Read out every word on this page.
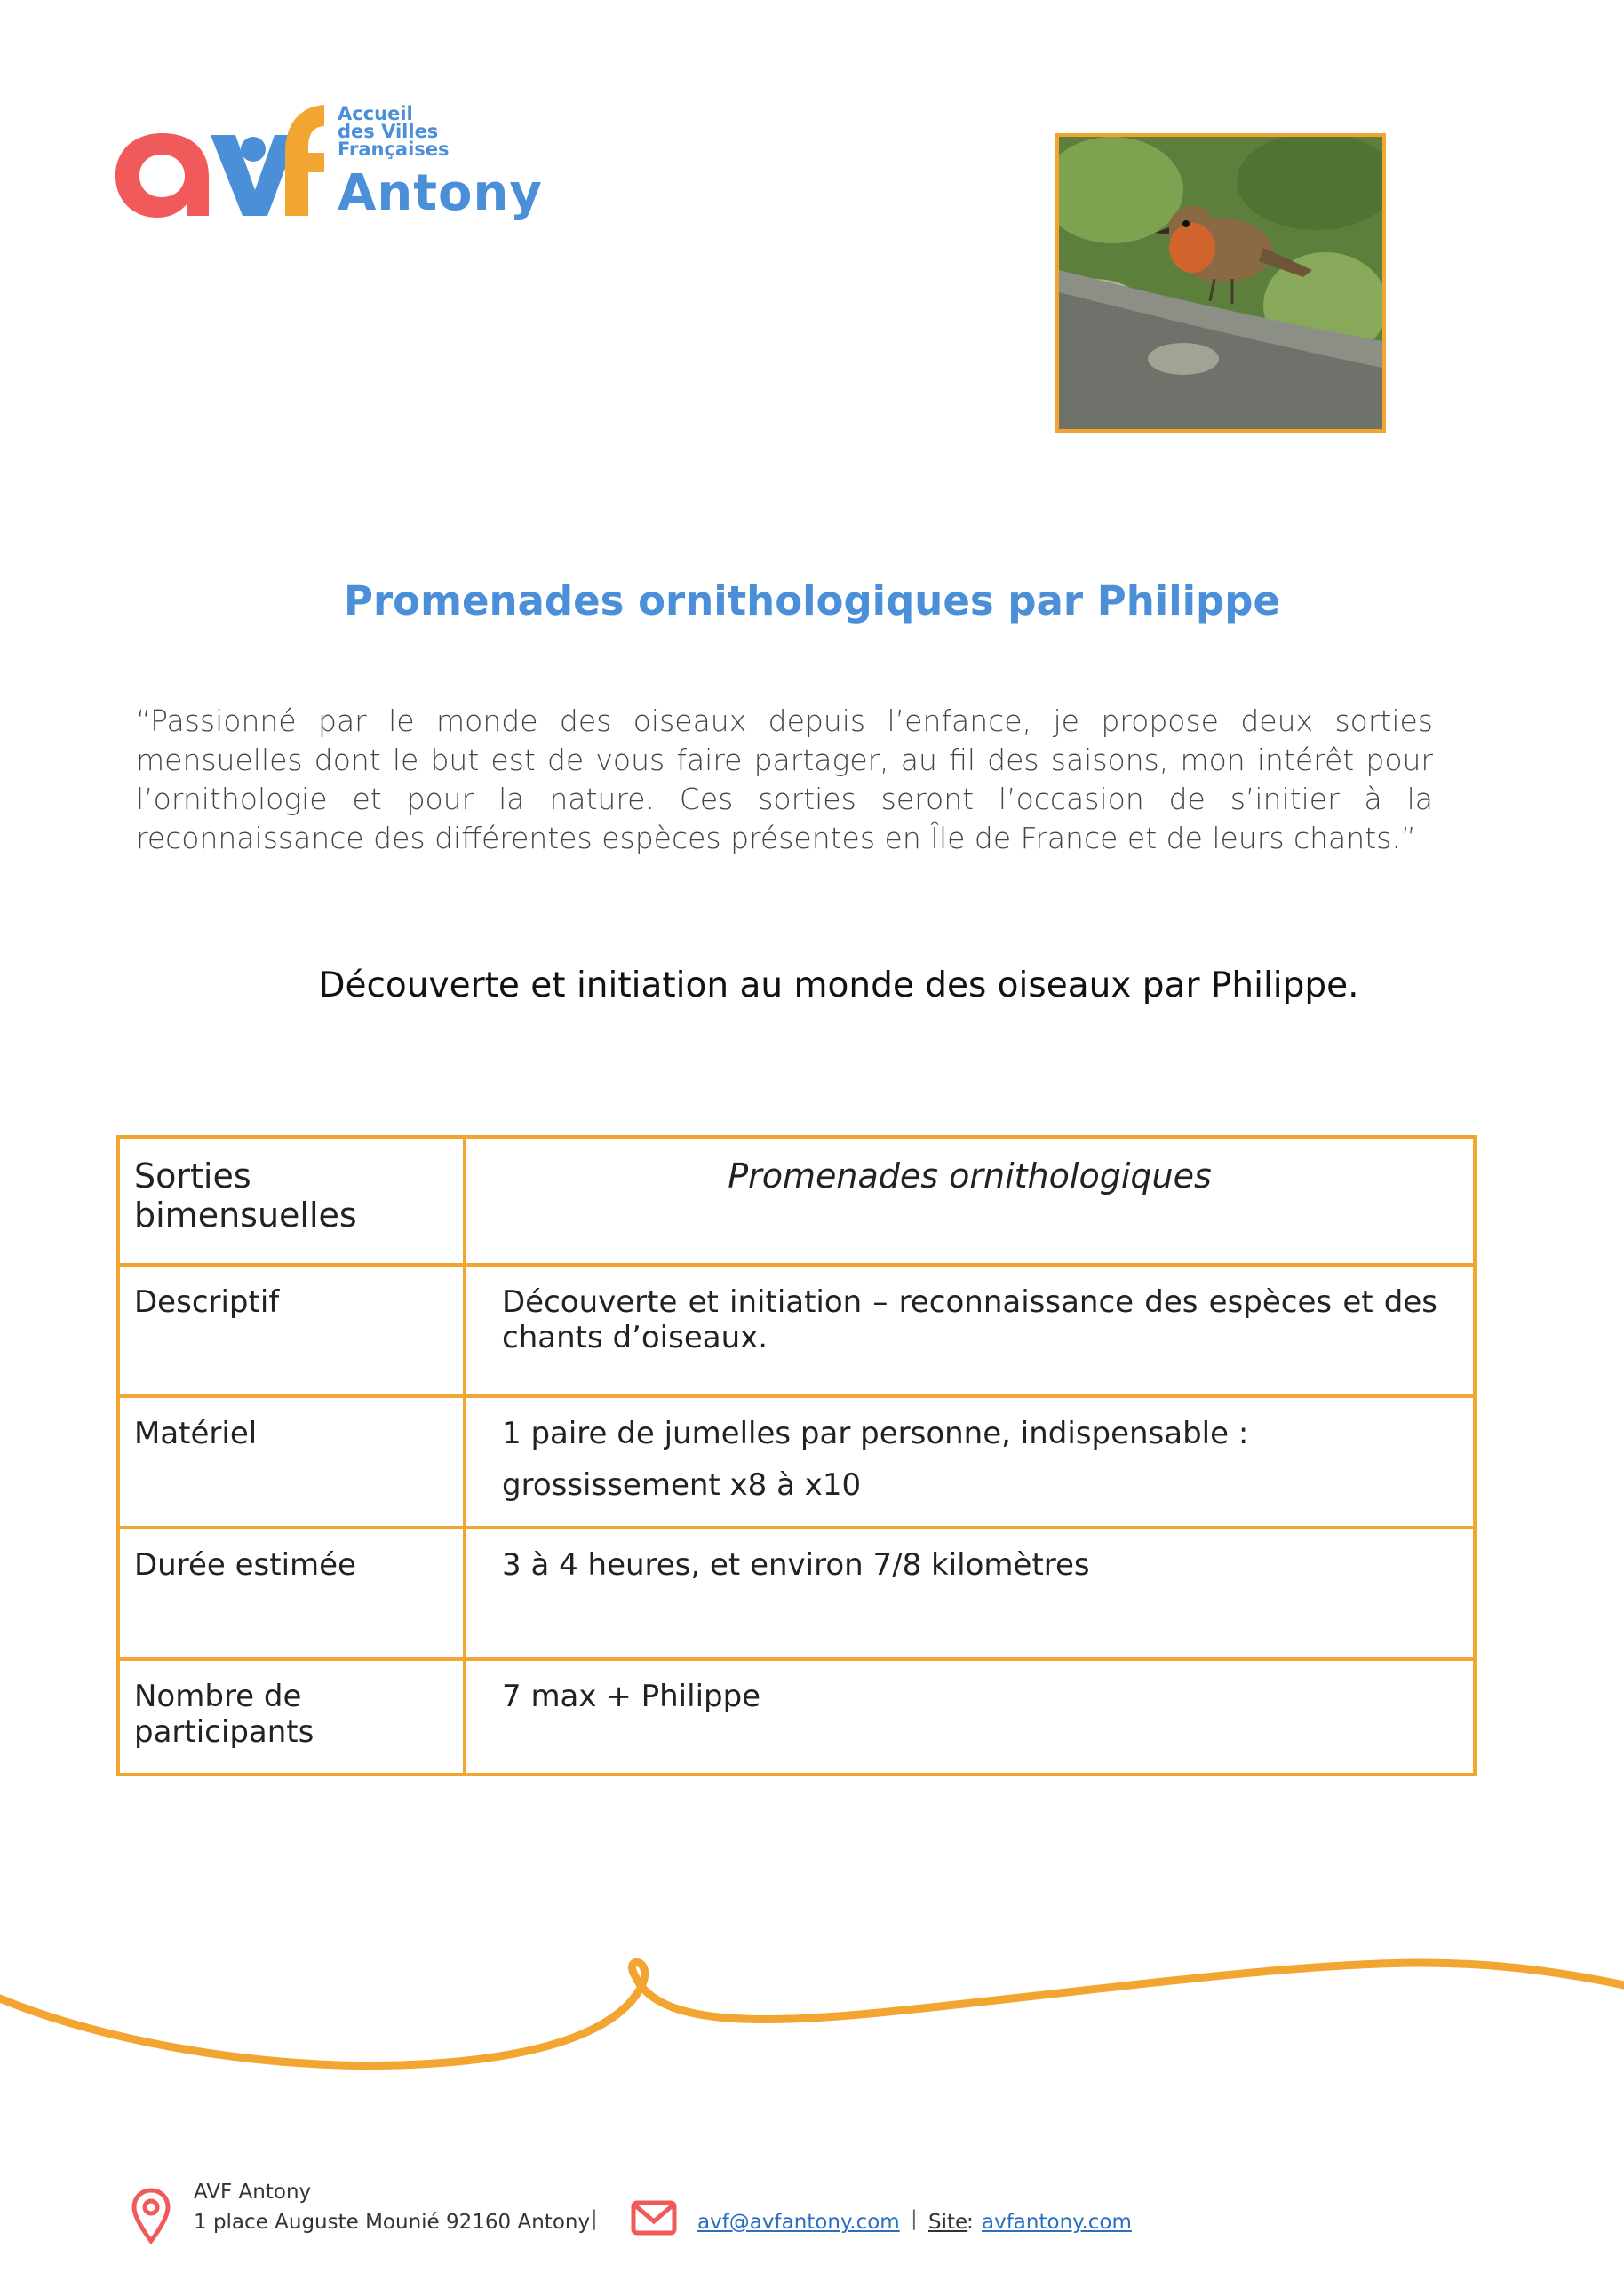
Accueil
des Villes
Françaises
Antony
Promenades ornithologiques par Philippe
“Passionné par le monde des oiseaux depuis l’enfance, je propose deux sorties mensuelles dont le but est de vous faire partager, au fil des saisons, mon intérêt pour l’ornithologie et pour la nature. Ces sorties seront l’occasion de s’initier à la reconnaissance des différentes espèces présentes en Île de France et de leurs chants.”
Découverte et initiation au monde des oiseaux par Philippe.
Sorties bimensuelles	Promenades ornithologiques
Descriptif	Découverte et initiation – reconnaissance des espèces et des chants d’oiseaux.
Matériel	1 paire de jumelles par personne, indispensable :
grossissement x8 à x10

Durée estimée	3 à 4 heures, et environ 7/8 kilomètres
Nombre de participants	7 max + Philippe
AVF Antony
1 place Auguste Mounié 92160 Antony |	avf@avfantony.com | Site
: avfantony.com
